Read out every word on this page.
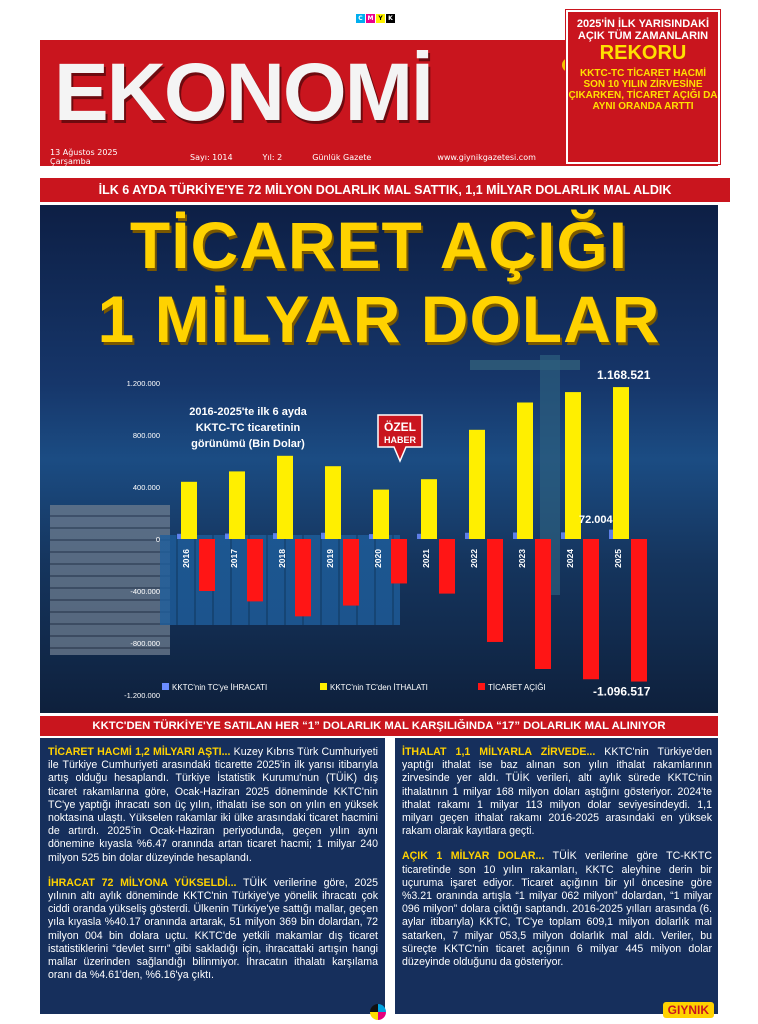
C M Y K
EKONOMİ
13 Ağustos 2025 Çarşamba	Sayı: 1014	Yıl: 2	Günlük Gazete	www.giynikgazetesi.com
2025'İN İLK YARISINDAKİ AÇIK TÜM ZAMANLARIN
REKORU
KKTC-TC TİCARET HACMİ SON 10 YILIN ZİRVESİNE ÇIKARKEN, TİCARET AÇIĞI DA AYNI ORANDA ARTTI
İLK 6 AYDA TÜRKİYE'YE 72 MİLYON DOLARLIK MAL SATTIK, 1,1 MİLYAR DOLARLIK MAL ALDIK
TİCARET AÇIĞI
1 MİLYAR DOLAR
1.200.000
800.000
400.000
0
-400.000
-800.000
-1.200.000
2016-2025'te ilk 6 ayda
KKTC-TC ticaretinin
görünümü (Bin Dolar)
ÖZEL
HABER
2016	2017	2018	2019	2020	2021	2022	2023	2024	2025
1.168.521
72.004
-1.096.517
KKTC'nin TC'ye İHRACATI	KKTC'nin TC'den İTHALATI	TİCARET AÇIĞI
KKTC'DEN TÜRKİYE'YE SATILAN HER “1” DOLARLIK MAL KARŞILIĞINDA “17” DOLARLIK MAL ALINIYOR

TİCARET HACMİ 1,2 MİLYARI AŞTI... Kuzey Kıbrıs Türk Cumhuriyeti ile Türkiye Cumhuriyeti arasındaki ticarette 2025'in ilk yarısı itibarıyla artış olduğu hesaplandı. Türkiye İstatistik Kurumu'nun (TÜİK) dış ticaret rakamlarına göre, Ocak-Haziran 2025 döneminde KKTC'nin TC'ye yaptığı ihracatı son üç yılın, ithalatı ise son on yılın en yüksek noktasına ulaştı. Yükselen rakamlar iki ülke arasındaki ticaret hacmini de artırdı. 2025'in Ocak-Haziran periyodunda, geçen yılın aynı dönemine kıyasla %6.47 oranında artan ticaret hacmi; 1 milyar 240 milyon 525 bin dolar düzeyinde hesaplandı.

İHRACAT 72 MİLYONA YÜKSELDİ... TÜİK verilerine göre, 2025 yılının altı aylık döneminde KKTC'nin Türkiye'ye yönelik ihracatı çok ciddi oranda yükseliş gösterdi. Ülkenin Türkiye'ye sattığı mallar, geçen yıla kıyasla %40.17 oranında artarak, 51 milyon 369 bin dolardan, 72 milyon 004 bin dolara uçtu. KKTC'de yetkili makamlar dış ticaret istatistiklerini “devlet sırrı” gibi sakladığı için, ihracattaki artışın hangi mallar üzerinden sağlandığı bilinmiyor. İhracatın ithalatı karşılama oranı da %4.61'den, %6.16'ya çıktı.

İTHALAT 1,1 MİLYARLA ZİRVEDE... KKTC'nin Türkiye'den yaptığı ithalat ise baz alınan son yılın ithalat rakamlarının zirvesinde yer aldı. TÜİK verileri, altı aylık sürede KKTC'nin ithalatının 1 milyar 168 milyon doları aştığını gösteriyor. 2024'te ithalat rakamı 1 milyar 113 milyon dolar seviyesindeydi. 1,1 milyarı geçen ithalat rakamı 2016-2025 arasındaki en yüksek rakam olarak kayıtlara geçti.

AÇIK 1 MİLYAR DOLAR... TÜİK verilerine göre TC-KKTC ticaretinde son 10 yılın rakamları, KKTC aleyhine derin bir uçuruma işaret ediyor. Ticaret açığının bir yıl öncesine göre %3.21 oranında artışla “1 milyar 062 milyon” dolardan, “1 milyar 096 milyon” dolara çıktığı saptandı. 2016-2025 yılları arasında (6. aylar itibarıyla) KKTC, TC'ye toplam 609,1 milyon dolarlık mal satarken, 7 milyar 053,5 milyon dolarlık mal aldı. Veriler, bu süreçte KKTC'nin ticaret açığının 6 milyar 445 milyon dolar düzeyinde olduğunu da gösteriyor.

GIYNIK
